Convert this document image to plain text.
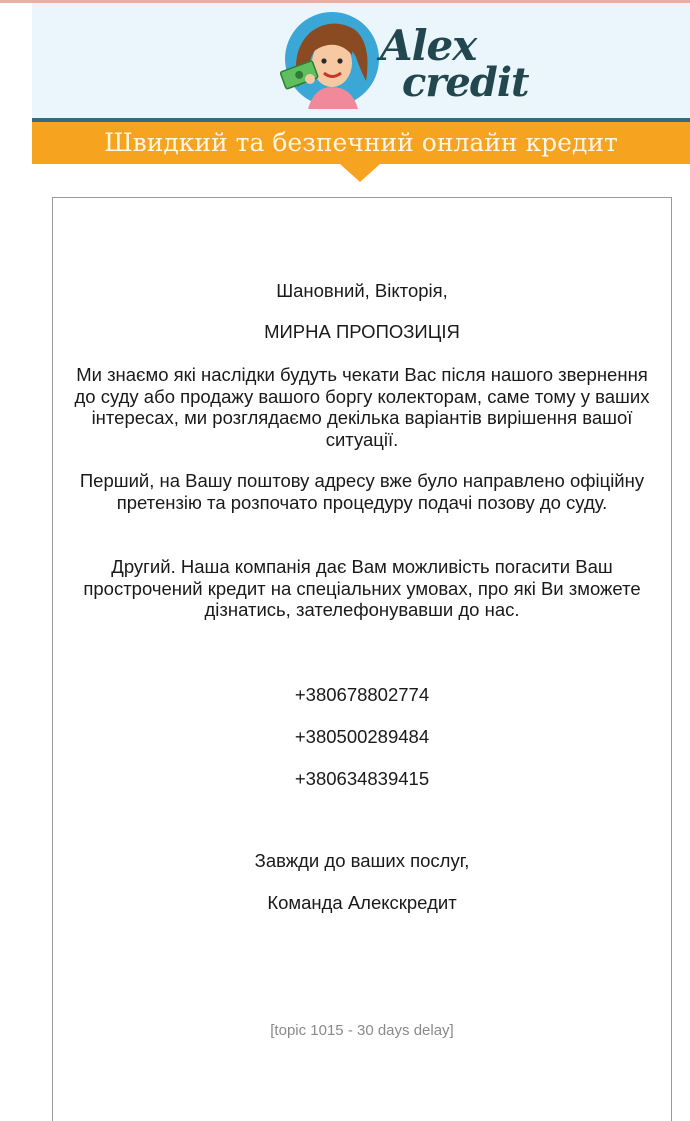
Alex
credit
Швидкий та безпечний онлайн кредит
Шановний, Вікторія,
МИРНА ПРОПОЗИЦІЯ
Ми знаємо які наслідки будуть чекати Вас після нашого звернення до суду або продажу вашого боргу колекторам, саме тому у ваших інтересах, ми розглядаємо декілька варіантів вирішення вашої ситуації.
Перший, на Вашу поштову адресу вже було направлено офіційну претензію та розпочато процедуру подачі позову до суду.
Другий. Наша компанія дає Вам можливість погасити Ваш прострочений кредит на спеціальних умовах, про які Ви зможете дізнатись, зателефонувавши до нас.
+380678802774
+380500289484
+380634839415
Завжди до ваших послуг,
Команда Алекскредит
[topic 1015 - 30 days delay]
